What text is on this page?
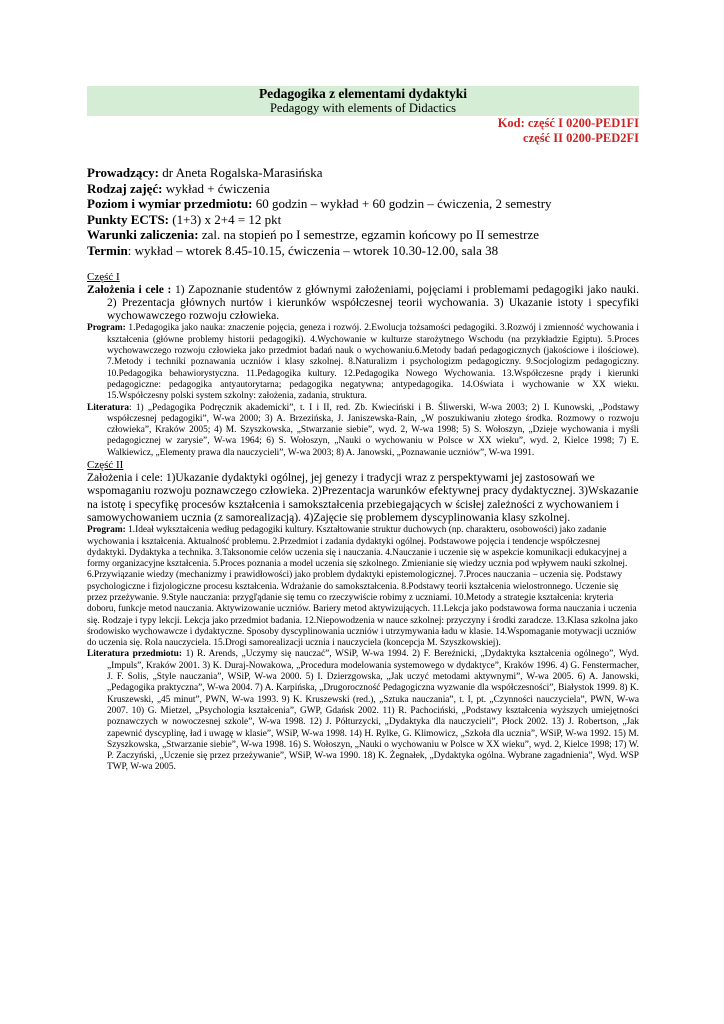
Pedagogika z elementami dydaktyki
Pedagogy with elements of Didactics
Kod: część I 0200-PED1FI
część II 0200-PED2FI
Prowadzący: dr Aneta Rogalska-Marasińska
Rodzaj zajęć: wykład + ćwiczenia
Poziom i wymiar przedmiotu: 60 godzin – wykład + 60 godzin – ćwiczenia, 2 semestry
Punkty ECTS: (1+3) x 2+4 = 12 pkt
Warunki zaliczenia: zal. na stopień po I semestrze, egzamin końcowy po II semestrze
Termin: wykład – wtorek 8.45-10.15, ćwiczenia – wtorek 10.30-12.00, sala 38
Część I
Założenia i cele : 1) Zapoznanie studentów z głównymi założeniami, pojęciami i problemami pedagogiki jako nauki. 2) Prezentacja głównych nurtów i kierunków współczesnej teorii wychowania. 3) Ukazanie istoty i specyfiki wychowawczego rozwoju człowieka.
Program: 1.Pedagogika jako nauka: znaczenie pojęcia, geneza i rozwój. 2.Ewolucja tożsamości pedagogiki. 3.Rozwój i zmienność wychowania i kształcenia (główne problemy historii pedagogiki). 4.Wychowanie w kulturze starożytnego Wschodu (na przykładzie Egiptu). 5.Proces wychowawczego rozwoju człowieka jako przedmiot badań nauk o wychowaniu.6.Metody badań pedagogicznych (jakościowe i ilościowe). 7.Metody i techniki poznawania uczniów i klasy szkolnej. 8.Naturalizm i psychologizm pedagogiczny. 9.Socjologizm pedagogiczny. 10.Pedagogika behawiorystyczna. 11.Pedagogika kultury. 12.Pedagogika Nowego Wychowania. 13.Współczesne prądy i kierunki pedagogiczne: pedagogika antyautorytarna; pedagogika negatywna; antypedagogika. 14.Oświata i wychowanie w XX wieku. 15.Współczesny polski system szkolny: założenia, zadania, struktura.
Literatura: 1) „Pedagogika Podręcznik akademicki”, t. I i II, red. Zb. Kwieciński i B. Śliwerski, W-wa 2003; 2) I. Kunowski, „Podstawy współczesnej pedagogiki”, W-wa 2000; 3) A. Brzezińska, J. Janiszewska-Rain, „W poszukiwaniu złotego środka. Rozmowy o rozwoju człowieka”, Kraków 2005; 4) M. Szyszkowska, „Stwarzanie siebie”, wyd. 2, W-wa 1998; 5) S. Wołoszyn, „Dzieje wychowania i myśli pedagogicznej w zarysie”, W-wa 1964; 6) S. Wołoszyn, „Nauki o wychowaniu w Polsce w XX wieku”, wyd. 2, Kielce 1998; 7) E. Walkiewicz, „Elementy prawa dla nauczycieli”, W-wa 2003; 8) A. Janowski, „Poznawanie uczniów”, W-wa 1991.
Część II
Założenia i cele: 1)Ukazanie dydaktyki ogólnej, jej genezy i tradycji wraz z perspektywami jej zastosowań we wspomaganiu rozwoju poznawczego człowieka. 2)Prezentacja warunków efektywnej pracy dydaktycznej. 3)Wskazanie na istotę i specyfikę procesów kształcenia i samokształcenia przebiegających w ścisłej zależności z wychowaniem i samowychowaniem ucznia (z samorealizacją). 4)Zajęcie się problemem dyscyplinowania klasy szkolnej.
Program: 1.Ideał wykształcenia według pedagogiki kultury. Kształtowanie struktur duchowych (np. charakteru, osobowości) jako zadanie wychowania i kształcenia. Aktualność problemu. 2.Przedmiot i zadania dydaktyki ogólnej. Podstawowe pojęcia i tendencje współczesnej dydaktyki. Dydaktyka a technika. 3.Taksonomie celów uczenia się i nauczania. 4.Nauczanie i uczenie się w aspekcie komunikacji edukacyjnej a formy organizacyjne kształcenia. 5.Proces poznania a model uczenia się szkolnego. Zmienianie się wiedzy ucznia pod wpływem nauki szkolnej. 6.Przywiązanie wiedzy (mechanizmy i prawidłowości) jako problem dydaktyki epistemologicznej. 7.Proces nauczania – uczenia się. Podstawy psychologiczne i fizjologiczne procesu kształcenia. Wdrażanie do samokształcenia. 8.Podstawy teorii kształcenia wielostronnego. Uczenie się przez przeżywanie. 9.Style nauczania: przygľądanie się temu co rzeczywiście robimy z uczniami. 10.Metody a strategie kształcenia: kryteria doboru, funkcje metod nauczania. Aktywizowanie uczniów. Bariery metod aktywizujących. 11.Lekcja jako podstawowa forma nauczania i uczenia się. Rodzaje i typy lekcji. Lekcja jako przedmiot badania. 12.Niepowodzenia w nauce szkolnej: przyczyny i środki zaradcze. 13.Klasa szkolna jako środowisko wychowawcze i dydaktyczne. Sposoby dyscyplinowania uczniów i utrzymywania ładu w klasie. 14.Wspomaganie motywacji uczniów do uczenia się. Rola nauczyciela. 15.Drogi samorealizacji ucznia i nauczyciela (koncepcja M. Szyszkowskiej).
Literatura przedmiotu: 1) R. Arends, „Uczymy się nauczać”, WSiP, W-wa 1994. 2) F. Bereźnicki, „Dydaktyka kształcenia ogólnego”, Wyd. „Impuls”, Kraków 2001. 3) K. Duraj-Nowakowa, „Procedura modelowania systemowego w dydaktyce”, Kraków 1996. 4) G. Fenstermacher, J. F. Solis, „Style nauczania”, WSiP, W-wa 2000. 5) I. Dzierzgowska, „Jak uczyć metodami aktywnymi”, W-wa 2005. 6) A. Janowski, „Pedagogika praktyczna”, W-wa 2004. 7) A. Karpińska, „Drugoroczność Pedagogiczna wyzwanie dla współczesności”, Białystok 1999. 8) K. Kruszewski, „45 minut”, PWN, W-wa 1993. 9) K. Kruszewski (red.), „Sztuka nauczania”, t. I, pt. „Czynności nauczyciela”, PWN, W-wa 2007. 10) G. Mietzel, „Psychologia kształcenia”, GWP, Gdańsk 2002. 11) R. Pachociński, „Podstawy kształcenia wyższych umiejętności poznawczych w nowoczesnej szkole”, W-wa 1998. 12) J. Półturzycki, „Dydaktyka dla nauczycieli”, Płock 2002. 13) J. Robertson, „Jak zapewnić dyscyplinę, ład i uwagę w klasie”, WSiP, W-wa 1998. 14) H. Rylke, G. Klimowicz, „Szkoła dla ucznia”, WSiP, W-wa 1992. 15) M. Szyszkowska, „Stwarzanie siebie”, W-wa 1998. 16) S. Wołoszyn, „Nauki o wychowaniu w Polsce w XX wieku”, wyd. 2, Kielce 1998; 17) W. P. Zaczyński, „Uczenie się przez przeżywanie”, WSiP, W-wa 1990. 18) K. Żegnałek, „Dydaktyka ogólna. Wybrane zagadnienia”, Wyd. WSP TWP, W-wa 2005.
